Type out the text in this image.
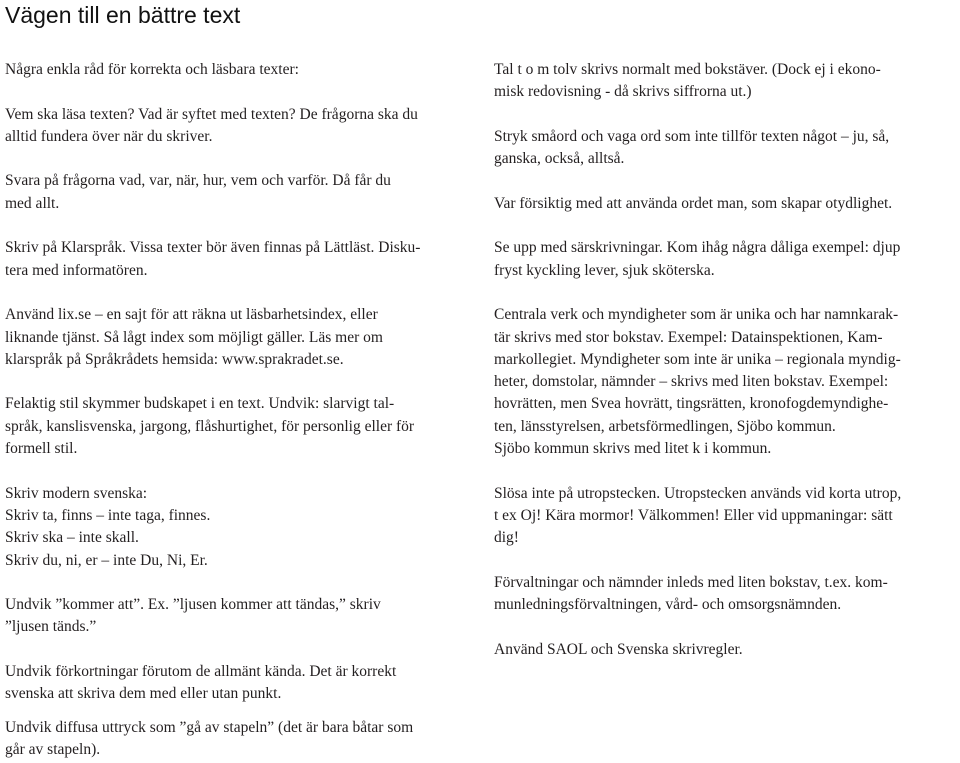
Vägen till en bättre text

Några enkla råd för korrekta och läsbara texter:

Vem ska läsa texten? Vad är syftet med texten? De frågorna ska du
alltid fundera över när du skriver.

Svara på frågorna vad, var, när, hur, vem och varför. Då får du
med allt.

Skriv på Klarspråk. Vissa texter bör även finnas på Lättläst. Disku-
tera med informatören.

Använd lix.se – en sajt för att räkna ut läsbarhetsindex, eller
liknande tjänst. Så lågt index som möjligt gäller. Läs mer om
klarspråk på Språkrådets hemsida: www.sprakradet.se.

Felaktig stil skymmer budskapet i en text. Undvik: slarvigt tal-
språk, kanslisvenska, jargong, flåshurtighet, för personlig eller för
formell stil.

Skriv modern svenska:
Skriv ta, finns – inte taga, finnes.
Skriv ska – inte skall.
Skriv du, ni, er – inte Du, Ni, Er.

Undvik ”kommer att”. Ex. ”ljusen kommer att tändas,” skriv
”ljusen tänds.”

Undvik förkortningar förutom de allmänt kända. Det är korrekt
svenska att skriva dem med eller utan punkt.

Undvik diffusa uttryck som ”gå av stapeln” (det är bara båtar som
går av stapeln).

Tal t o m tolv skrivs normalt med bokstäver. (Dock ej i ekono-
misk redovisning - då skrivs siffrorna ut.)

Stryk småord och vaga ord som inte tillför texten något – ju, så,
ganska, också, alltså.

Var försiktig med att använda ordet man, som skapar otydlighet.

Se upp med särskrivningar. Kom ihåg några dåliga exempel: djup
fryst kyckling lever, sjuk sköterska.

Centrala verk och myndigheter som är unika och har namnkarak-
tär skrivs med stor bokstav. Exempel: Datainspektionen, Kam-
markollegiet. Myndigheter som inte är unika – regionala myndig-
heter, domstolar, nämnder – skrivs med liten bokstav. Exempel:
hovrätten, men Svea hovrätt, tingsrätten, kronofogdemyndighe-
ten, länsstyrelsen, arbetsförmedlingen, Sjöbo kommun.
Sjöbo kommun skrivs med litet k i kommun.

Slösa inte på utropstecken. Utropstecken används vid korta utrop,
t ex Oj! Kära mormor! Välkommen! Eller vid uppmaningar: sätt
dig!

Förvaltningar och nämnder inleds med liten bokstav, t.ex. kom-
munledningsförvaltningen, vård- och omsorgsnämnden.

Använd SAOL och Svenska skrivregler.
